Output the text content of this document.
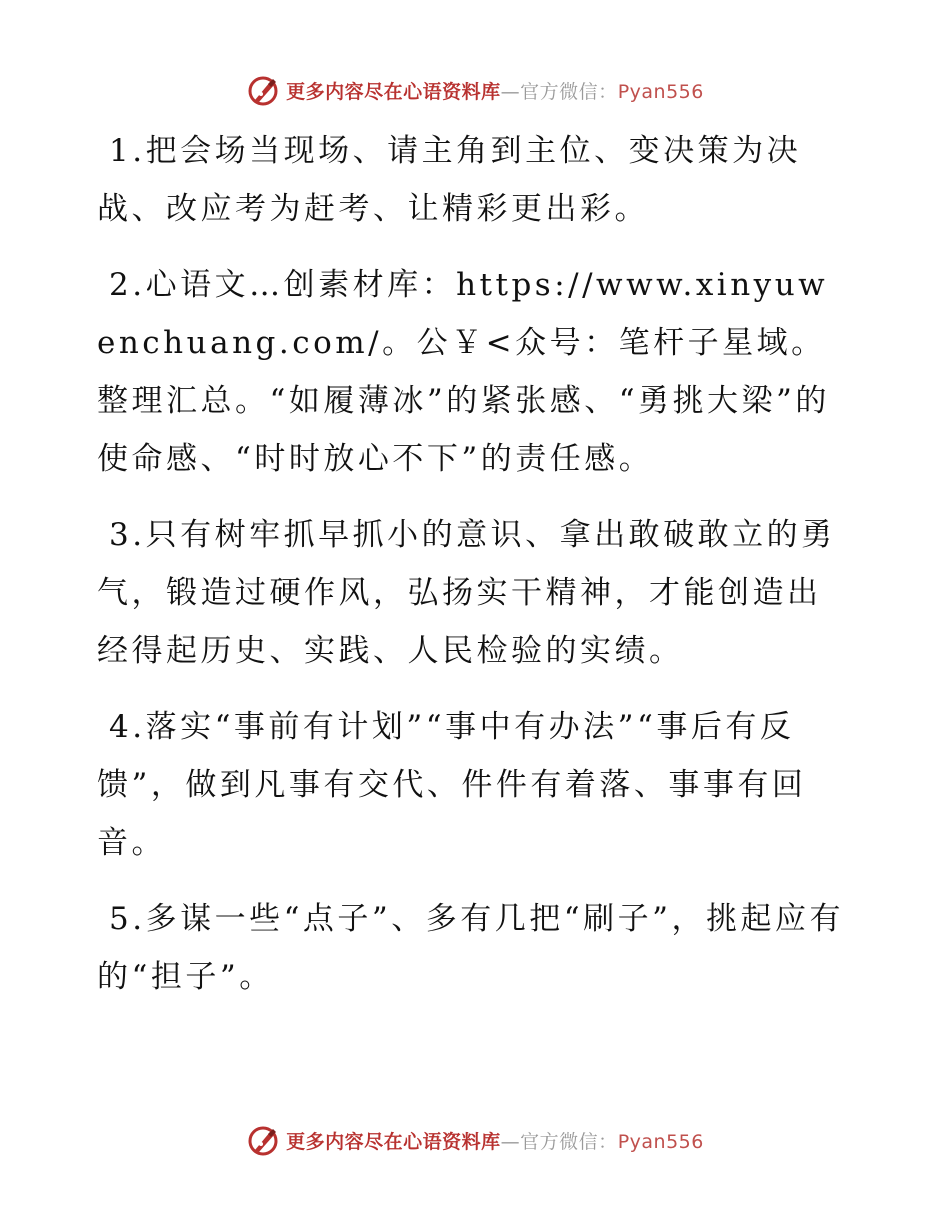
更多内容尽在心语资料库—官方微信：Pyan556

1.把会场当现场、请主角到主位、变决策为决战、改应考为赶考、让精彩更出彩。

2.心语文…创素材库：https://www.xinyuwenchuang.com/。公￥<众号：笔杆子星域。整理汇总。“如履薄冰”的紧张感、“勇挑大梁”的使命感、“时时放心不下”的责任感。

3.只有树牢抓早抓小的意识、拿出敢破敢立的勇气，锻造过硬作风，弘扬实干精神，才能创造出经得起历史、实践、人民检验的实绩。

4.落实“事前有计划”“事中有办法”“事后有反馈”，做到凡事有交代、件件有着落、事事有回音。

5.多谋一些“点子”、多有几把“刷子”，挑起应有的“担子”。

更多内容尽在心语资料库—官方微信：Pyan556
